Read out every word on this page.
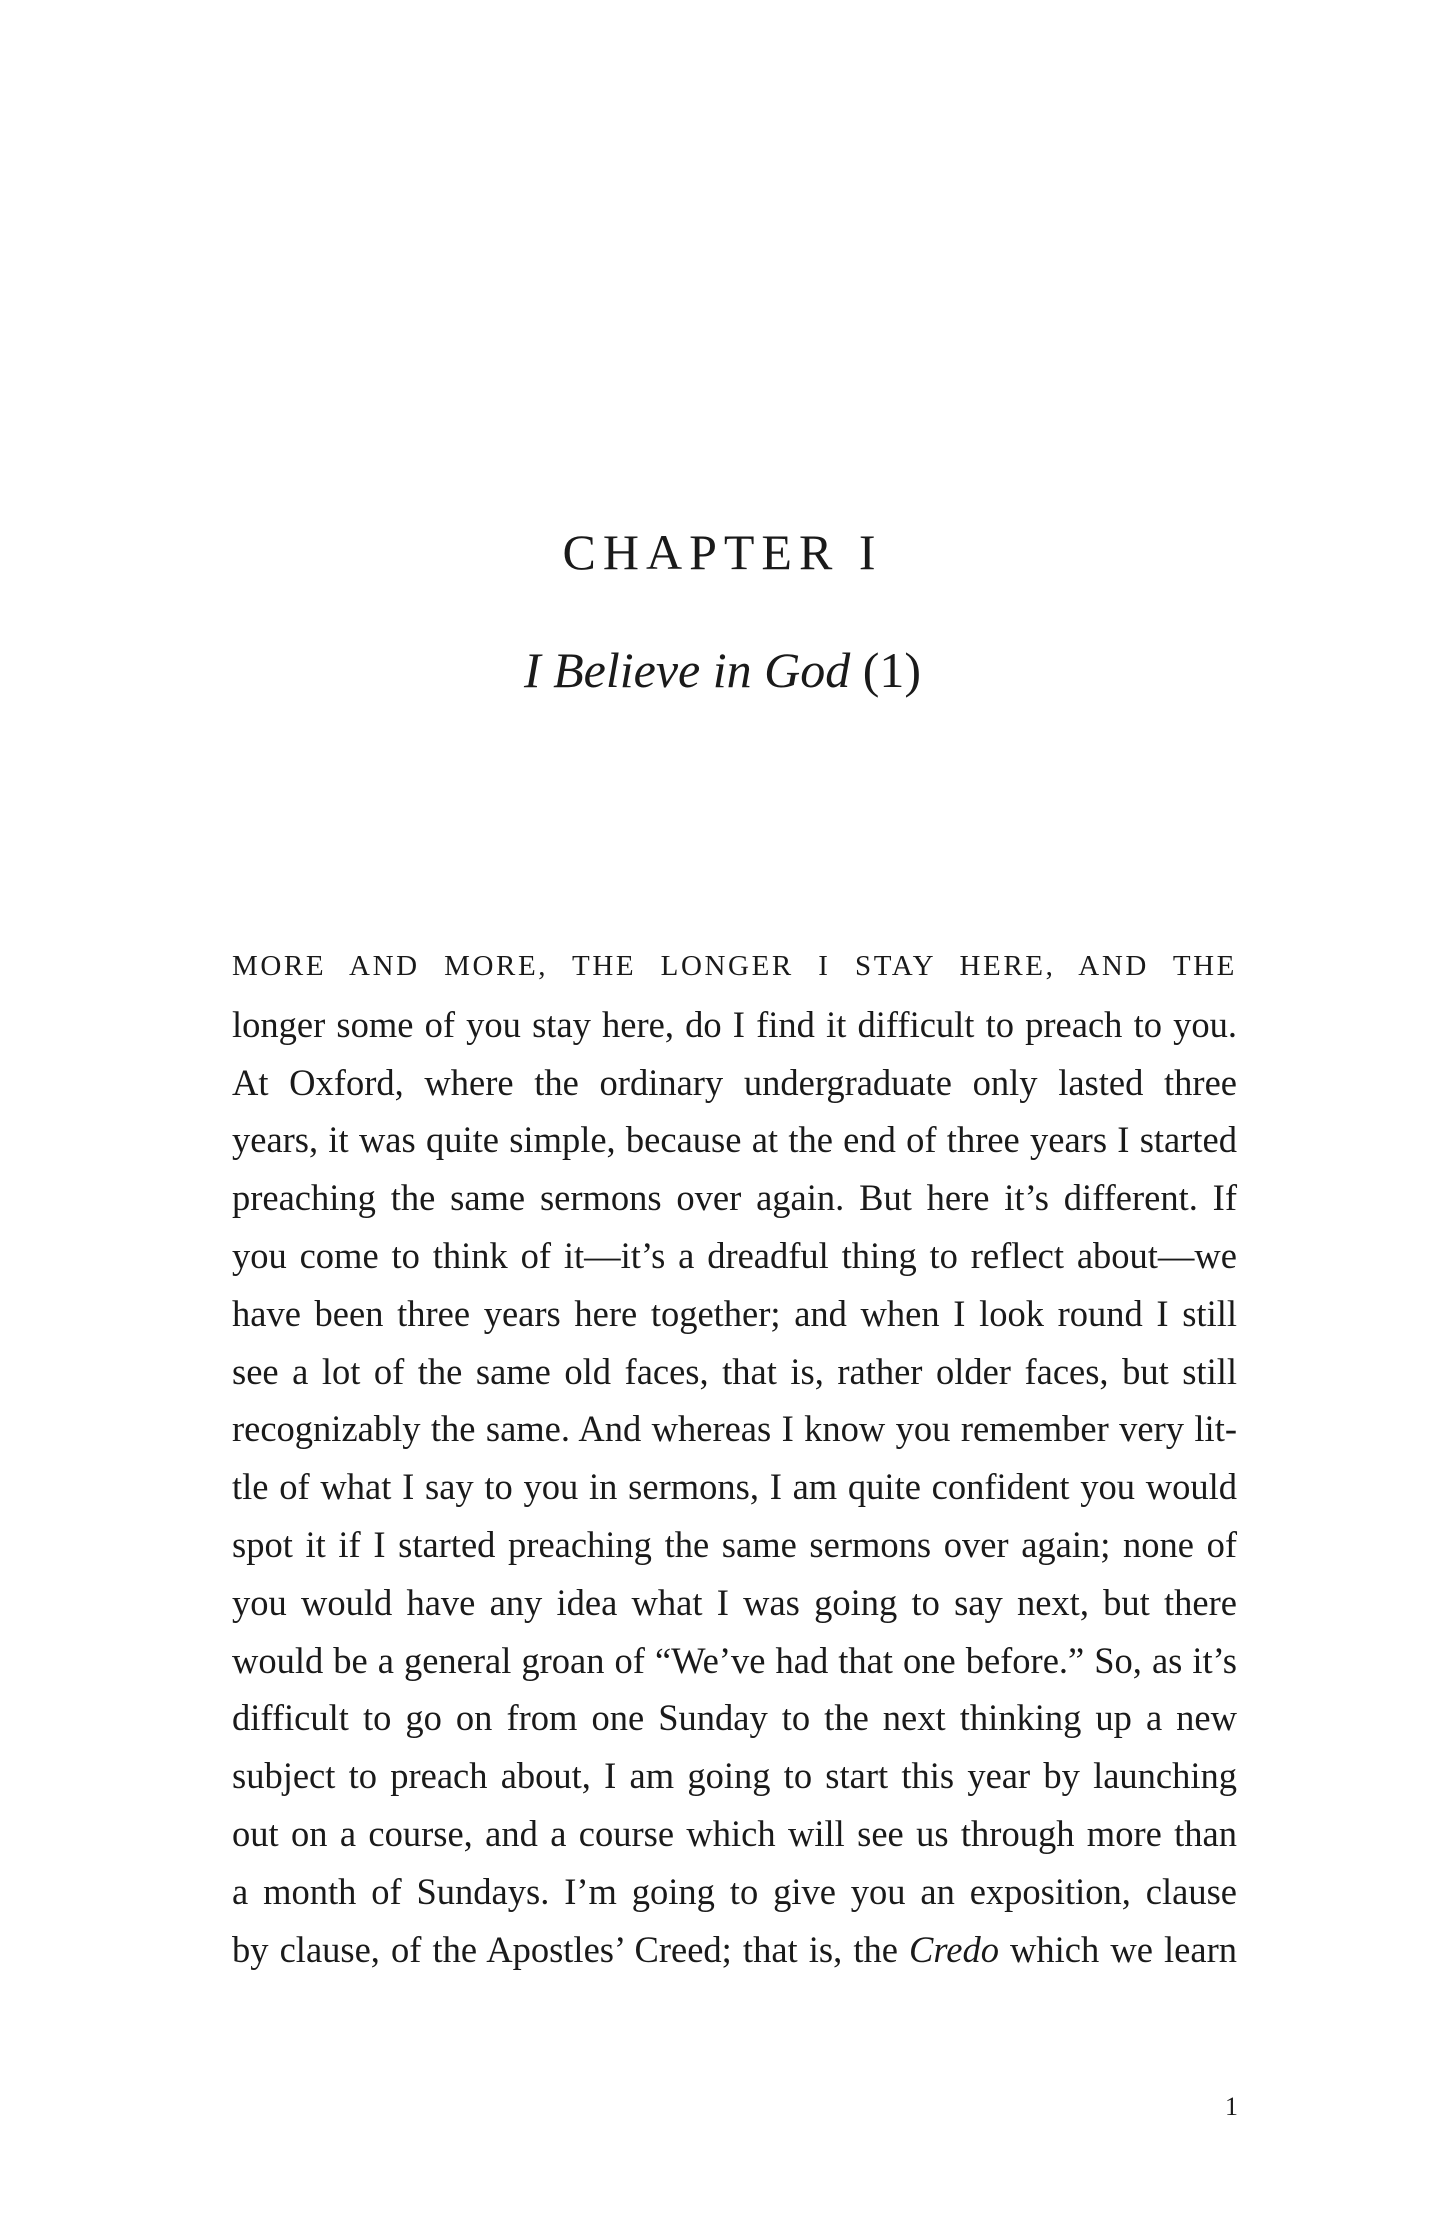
CHAPTER I
I Believe in God (1)
MORE AND MORE, THE LONGER I STAY HERE, AND THE
longer some of you stay here, do I find it difficult to preach to you.
At Oxford, where the ordinary undergraduate only lasted three
years, it was quite simple, because at the end of three years I started
preaching the same sermons over again. But here it’s different. If
you come to think of it—it’s a dreadful thing to reflect about—we
have been three years here together; and when I look round I still
see a lot of the same old faces, that is, rather older faces, but still
recognizably the same. And whereas I know you remember very lit-
tle of what I say to you in sermons, I am quite confident you would
spot it if I started preaching the same sermons over again; none of
you would have any idea what I was going to say next, but there
would be a general groan of “We’ve had that one before.” So, as it’s
difficult to go on from one Sunday to the next thinking up a new
subject to preach about, I am going to start this year by launching
out on a course, and a course which will see us through more than
a month of Sundays. I’m going to give you an exposition, clause
by clause, of the Apostles’ Creed; that is, the Credo which we learn
1
